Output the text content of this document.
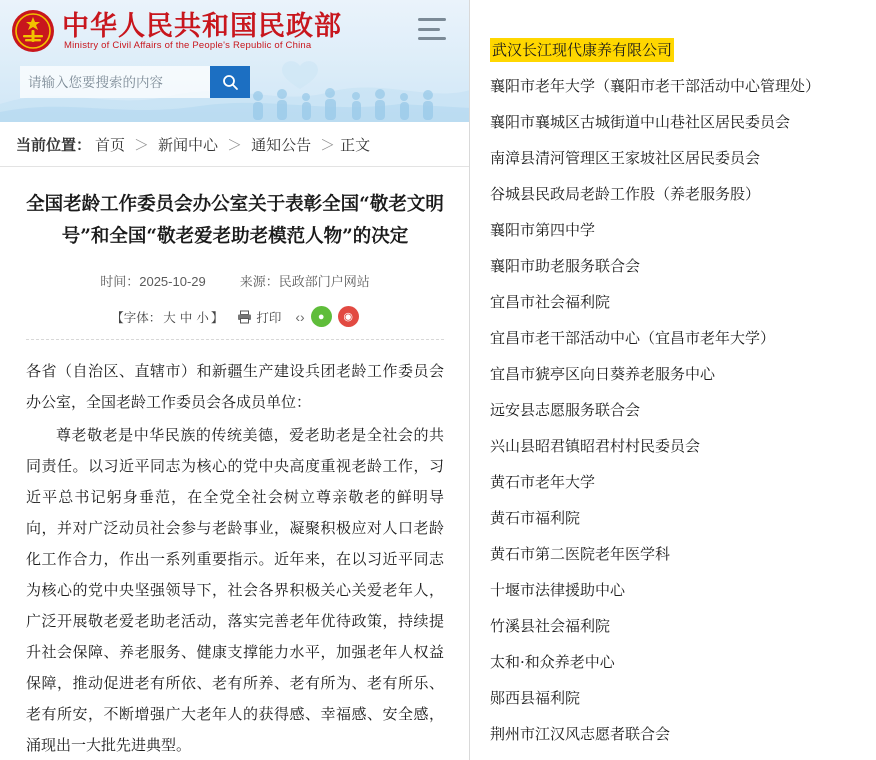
中华人民共和国民政部
Ministry of Civil Affairs of the People's Republic of China
请输入您要搜索的内容
当前位置： 首页 ＞ 新闻中心 ＞ 通知公告 ＞ 正文
全国老龄工作委员会办公室关于表彰全国“敬老文明号”和全国“敬老爱老助老模范人物”的决定
时间：2025-10-29	来源：民政部门户网站
【字体： 大 中 小 】	打印 ‹›	●	◉

各省（自治区、直辖市）和新疆生产建设兵团老龄工作委员会办公室，全国老龄工作委员会各成员单位：

尊老敬老是中华民族的传统美德，爱老助老是全社会的共同责任。以习近平同志为核心的党中央高度重视老龄工作，习近平总书记躬身垂范，在全党全社会树立尊亲敬老的鲜明导向，并对广泛动员社会参与老龄事业，凝聚积极应对人口老龄化工作合力，作出一系列重要指示。近年来，在以习近平同志为核心的党中央坚强领导下，社会各界积极关心关爱老年人，广泛开展敬老爱老助老活动，落实完善老年优待政策，持续提升社会保障、养老服务、健康支撑能力水平，加强老年人权益保障，推动促进老有所依、老有所养、老有所为、老有所乐、老有所安，不断增强广大老年人的获得感、幸福感、安全感，涌现出一大批先进典型。

武汉长江现代康养有限公司
襄阳市老年大学（襄阳市老干部活动中心管理处）
襄阳市襄城区古城街道中山巷社区居民委员会
南漳县清河管理区王家坡社区居民委员会
谷城县民政局老龄工作股（养老服务股）
襄阳市第四中学
襄阳市助老服务联合会
宜昌市社会福利院
宜昌市老干部活动中心（宜昌市老年大学）
宜昌市猇亭区向日葵养老服务中心
远安县志愿服务联合会
兴山县昭君镇昭君村村民委员会
黄石市老年大学
黄石市福利院
黄石市第二医院老年医学科
十堰市法律援助中心
竹溪县社会福利院
太和·和众养老中心
郧西县福利院
荆州市江汉风志愿者联合会
